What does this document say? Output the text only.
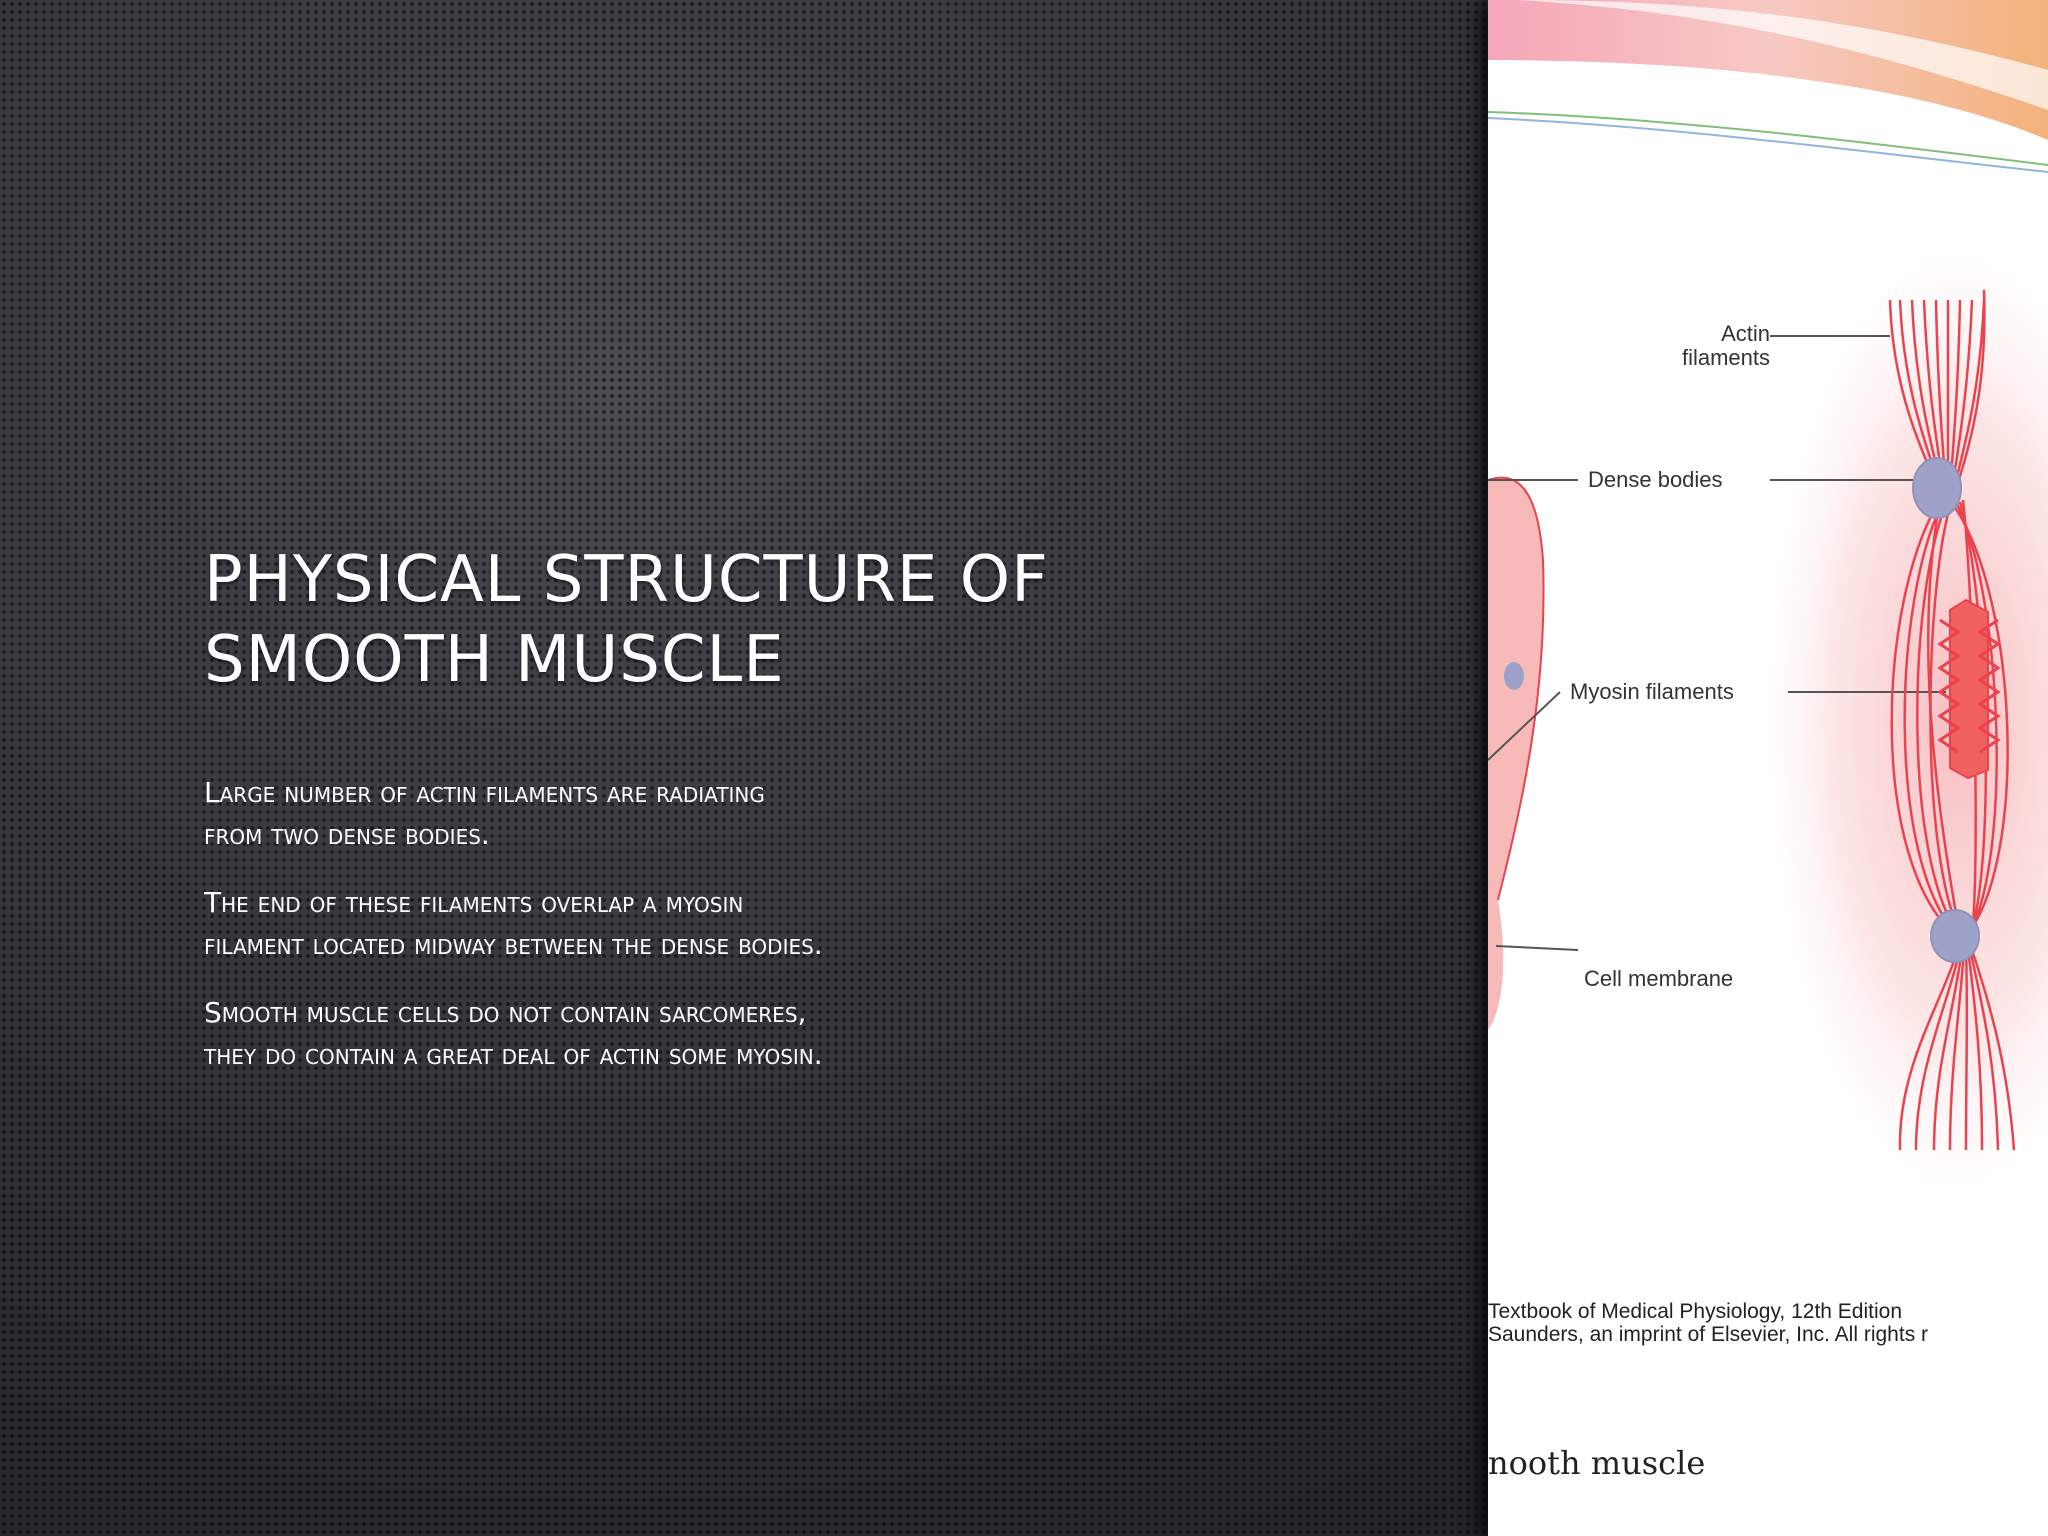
PHYSICAL STRUCTURE OF
SMOOTH MUSCLE
Large number of actin filaments are radiating
from two dense bodies.
The end of these filaments overlap a myosin
filament located midway between the dense bodies.
Smooth muscle cells do not contain sarcomeres,
they do contain a great deal of actin some myosin.
Actin
filaments
Dense bodies
Myosin filaments
Cell membrane
Textbook of Medical Physiology, 12th Edition
Saunders, an imprint of Elsevier, Inc. All rights r
nooth muscle
